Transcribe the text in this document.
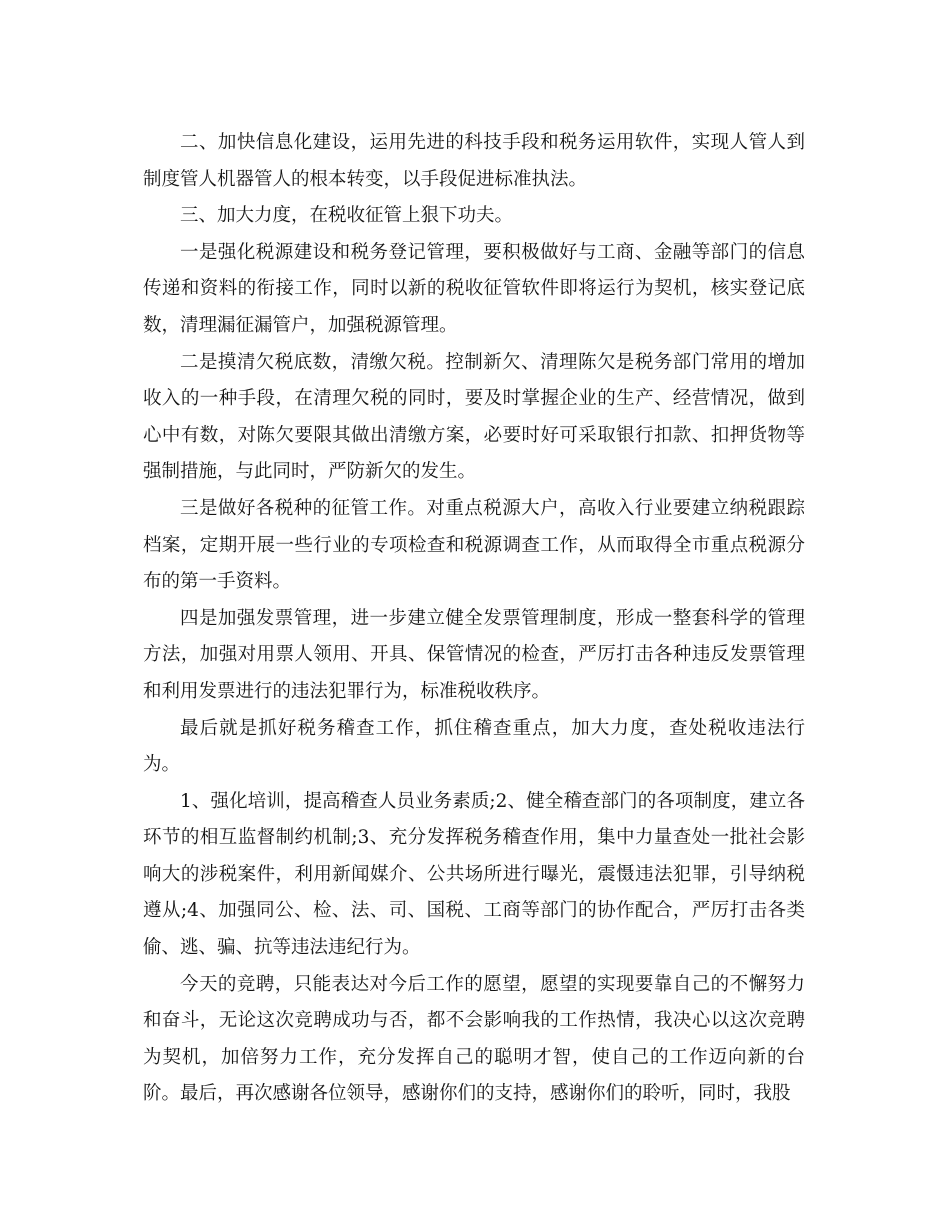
二、加快信息化建设，运用先进的科技手段和税务运用软件，实现人管人到制度管人机器管人的根本转变，以手段促进标准执法。

三、加大力度，在税收征管上狠下功夫。

一是强化税源建设和税务登记管理，要积极做好与工商、金融等部门的信息传递和资料的衔接工作，同时以新的税收征管软件即将运行为契机，核实登记底数，清理漏征漏管户，加强税源管理。

二是摸清欠税底数，清缴欠税。控制新欠、清理陈欠是税务部门常用的增加收入的一种手段，在清理欠税的同时，要及时掌握企业的生产、经营情况，做到心中有数，对陈欠要限其做出清缴方案，必要时好可采取银行扣款、扣押货物等强制措施，与此同时，严防新欠的发生。

三是做好各税种的征管工作。对重点税源大户，高收入行业要建立纳税跟踪档案，定期开展一些行业的专项检查和税源调查工作，从而取得全市重点税源分布的第一手资料。

四是加强发票管理，进一步建立健全发票管理制度，形成一整套科学的管理方法，加强对用票人领用、开具、保管情况的检查，严厉打击各种违反发票管理和利用发票进行的违法犯罪行为，标准税收秩序。

最后就是抓好税务稽查工作，抓住稽查重点，加大力度，查处税收违法行为。

1、强化培训，提高稽查人员业务素质;2、健全稽查部门的各项制度，建立各环节的相互监督制约机制;3、充分发挥税务稽查作用，集中力量查处一批社会影响大的涉税案件，利用新闻媒介、公共场所进行曝光，震慑违法犯罪，引导纳税遵从;4、加强同公、检、法、司、国税、工商等部门的协作配合，严厉打击各类偷、逃、骗、抗等违法违纪行为。

今天的竞聘，只能表达对今后工作的愿望，愿望的实现要靠自己的不懈努力和奋斗，无论这次竞聘成功与否，都不会影响我的工作热情，我决心以这次竞聘为契机，加倍努力工作，充分发挥自己的聪明才智，使自己的工作迈向新的台阶。最后，再次感谢各位领导，感谢你们的支持，感谢你们的聆听，同时，我股
